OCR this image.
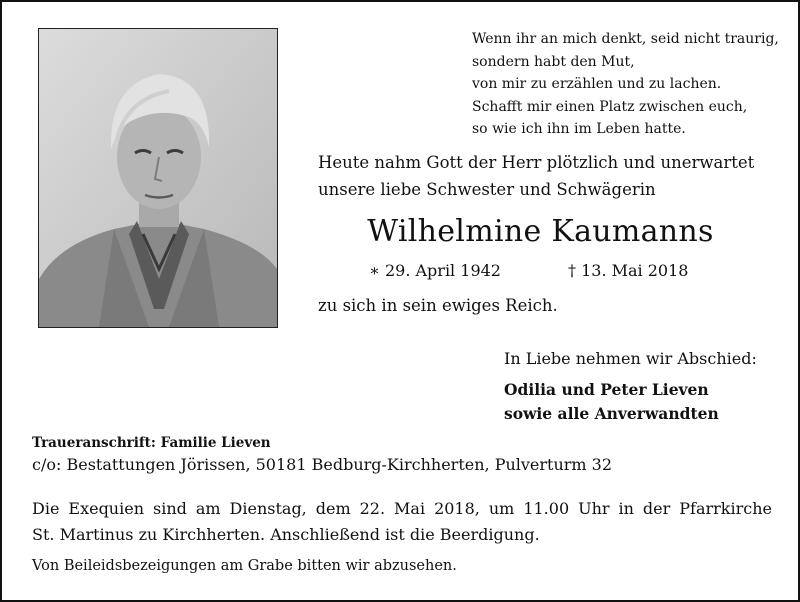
Wenn ihr an mich denkt, seid nicht traurig,
sondern habt den Mut,
von mir zu erzählen und zu lachen.
Schafft mir einen Platz zwischen euch,
so wie ich ihn im Leben hatte.
Heute nahm Gott der Herr plötzlich und unerwartet
unsere liebe Schwester und Schwägerin
Wilhelmine Kaumanns
∗ 29. April 1942	† 13. Mai 2018
zu sich in sein ewiges Reich.
In Liebe nehmen wir Abschied:
Odilia und Peter Lieven
sowie alle Anverwandten
Traueranschrift: Familie Lieven
c/o: Bestattungen Jörissen, 50181 Bedburg-Kirchherten, Pulverturm 32
Die Exequien sind am Dienstag, dem 22. Mai 2018, um 11.00 Uhr in der Pfarrkirche
St. Martinus zu Kirchherten. Anschließend ist die Beerdigung.
Von Beileidsbezeigungen am Grabe bitten wir abzusehen.
